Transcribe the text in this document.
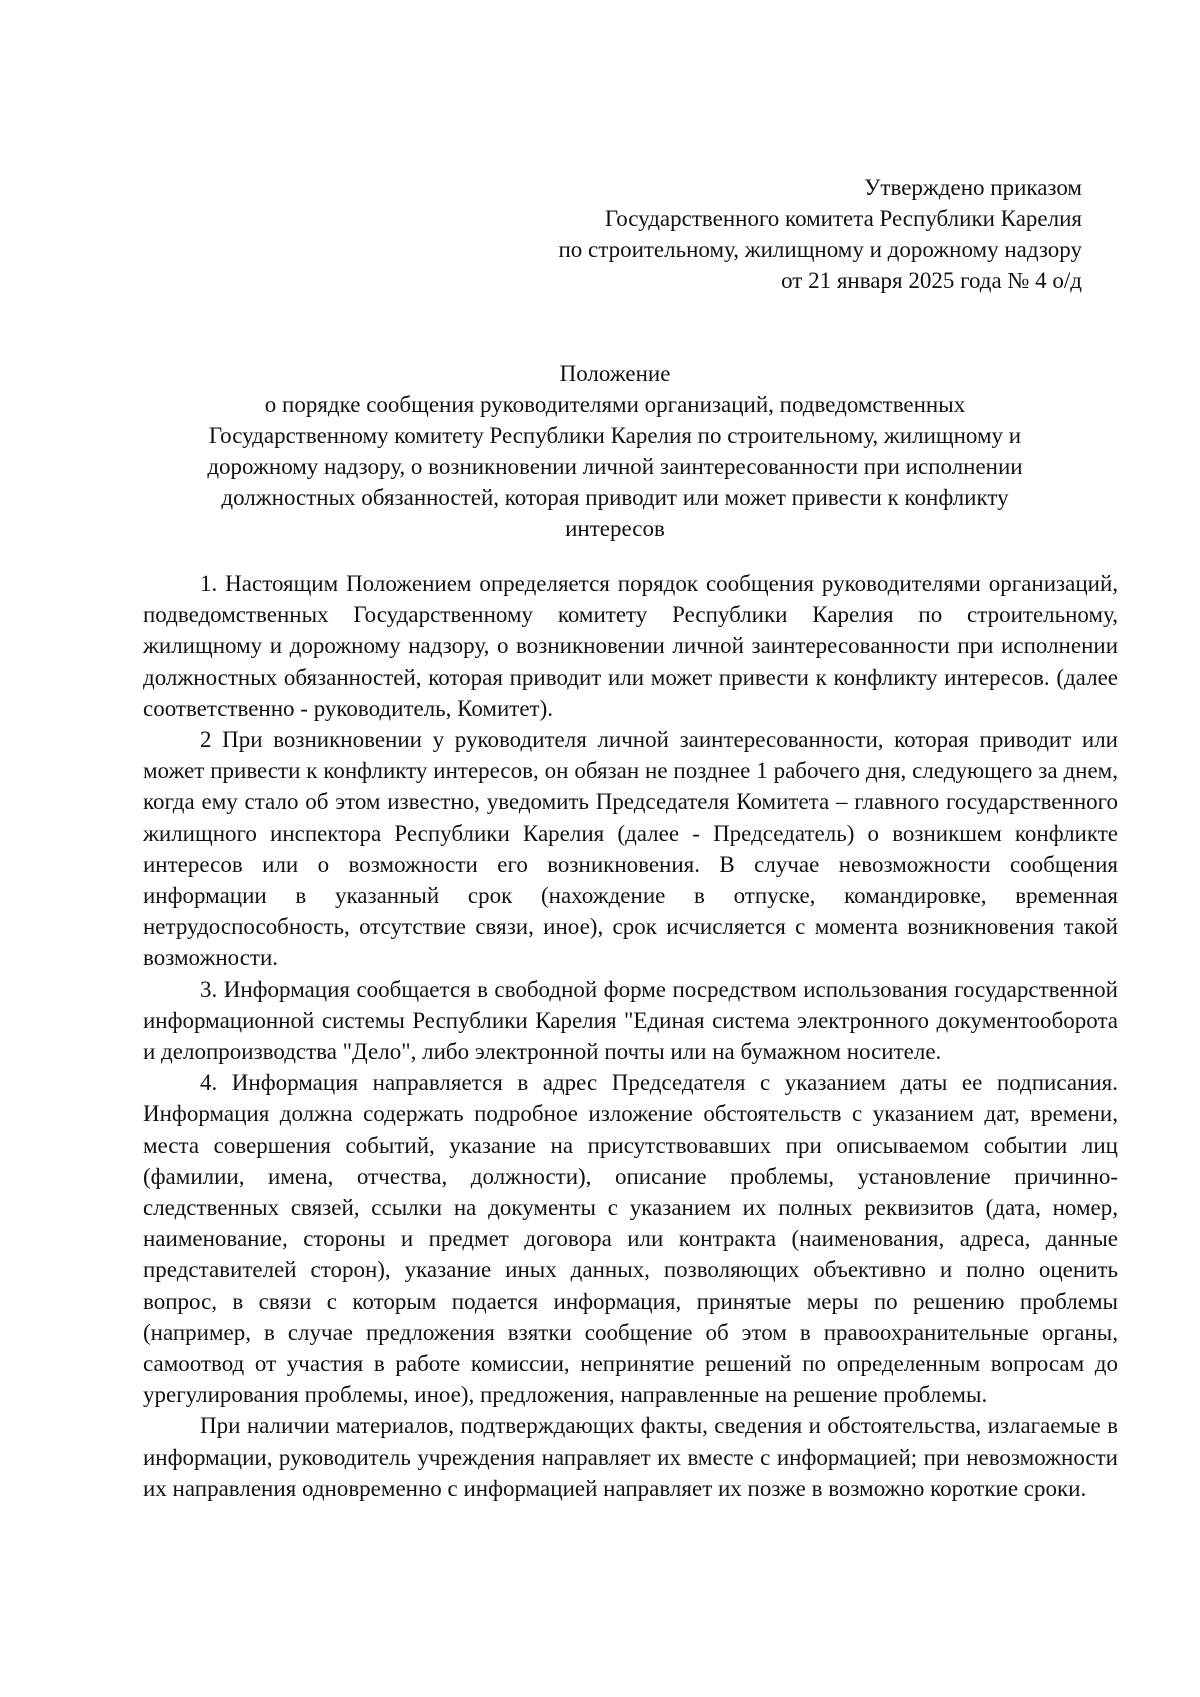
Утверждено приказом
Государственного комитета Республики Карелия
по строительному, жилищному и дорожному надзору
от 21 января 2025 года № 4 о/д
Положение
о порядке сообщения руководителями организаций, подведомственных
Государственному комитету Республики Карелия по строительному, жилищному и
дорожному надзору, о возникновении личной заинтересованности при исполнении
должностных обязанностей, которая приводит или может привести к конфликту
интересов

1. Настоящим Положением определяется порядок сообщения руководителями организаций, подведомственных Государственному комитету Республики Карелия по строительному, жилищному и дорожному надзору, о возникновении личной заинтересованности при исполнении должностных обязанностей, которая приводит или может привести к конфликту интересов. (далее соответственно - руководитель, Комитет).

2 При возникновении у руководителя личной заинтересованности, которая приводит или может привести к конфликту интересов, он обязан не позднее 1 рабочего дня, следующего за днем, когда ему стало об этом известно, уведомить Председателя Комитета – главного государственного жилищного инспектора Республики Карелия (далее - Председатель) о возникшем конфликте интересов или о возможности его возникновения. В случае невозможности сообщения информации в указанный срок (нахождение в отпуске, командировке, временная нетрудоспособность, отсутствие связи, иное), срок исчисляется с момента возникновения такой возможности.

3. Информация сообщается в свободной форме посредством использования государственной информационной системы Республики Карелия "Единая система электронного документооборота и делопроизводства "Дело", либо электронной почты или на бумажном носителе.

4. Информация направляется в адрес Председателя с указанием даты ее подписания. Информация должна содержать подробное изложение обстоятельств с указанием дат, времени, места совершения событий, указание на присутствовавших при описываемом событии лиц (фамилии, имена, отчества, должности), описание проблемы, установление причинно-следственных связей, ссылки на документы с указанием их полных реквизитов (дата, номер, наименование, стороны и предмет договора или контракта (наименования, адреса, данные представителей сторон), указание иных данных, позволяющих объективно и полно оценить вопрос, в связи с которым подается информация, принятые меры по решению проблемы (например, в случае предложения взятки сообщение об этом в правоохранительные органы, самоотвод от участия в работе комиссии, непринятие решений по определенным вопросам до урегулирования проблемы, иное), предложения, направленные на решение проблемы.

При наличии материалов, подтверждающих факты, сведения и обстоятельства, излагаемые в информации, руководитель учреждения направляет их вместе с информацией; при невозможности их направления одновременно с информацией направляет их позже в возможно короткие сроки.
